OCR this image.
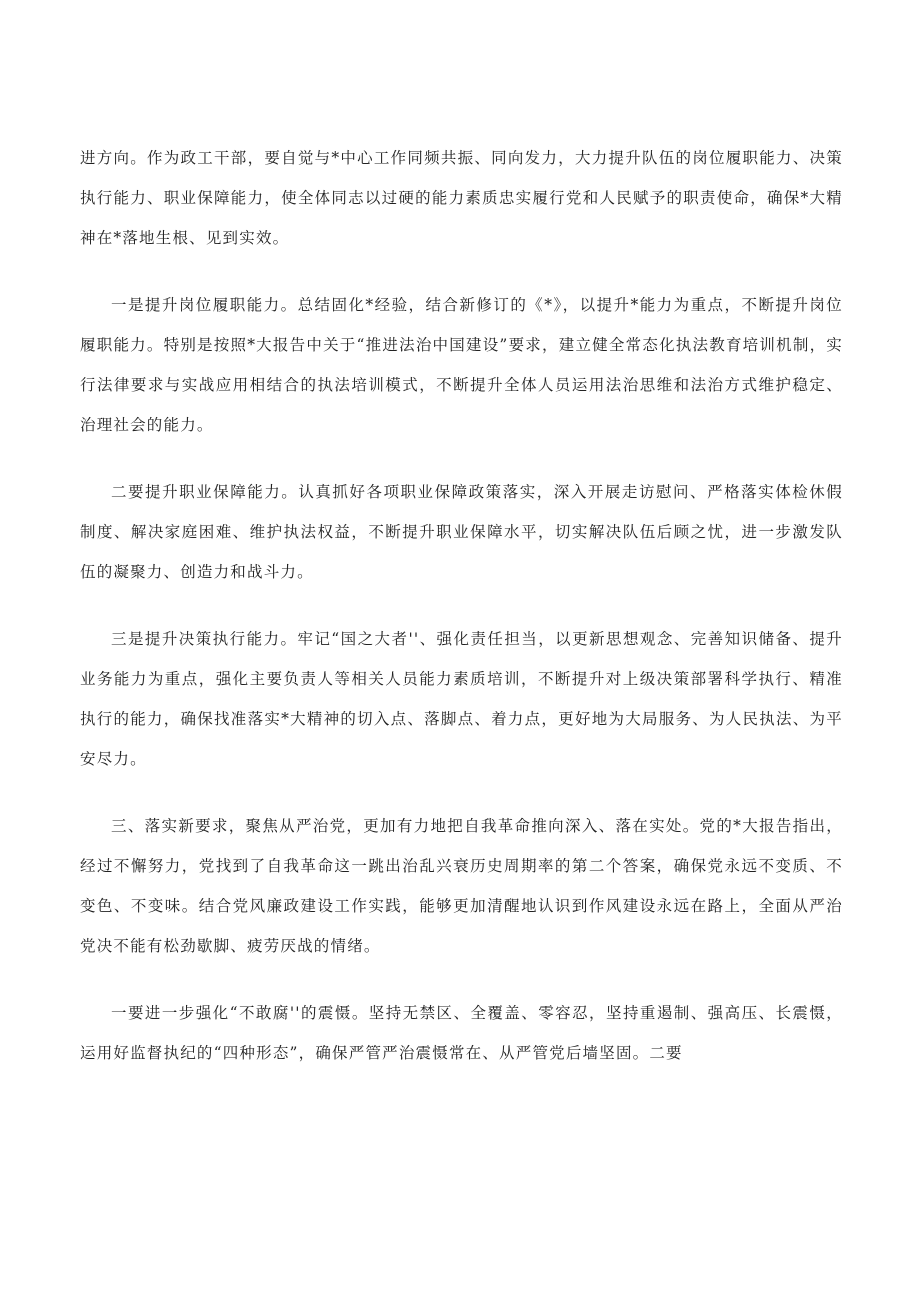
进方向。作为政工干部，要自觉与*中心工作同频共振、同向发力，大力提升队伍的岗位履职能力、决策执行能力、职业保障能力，使全体同志以过硬的能力素质忠实履行党和人民赋予的职责使命，确保*大精神在*落地生根、见到实效。

一是提升岗位履职能力。总结固化*经验，结合新修订的《*》，以提升*能力为重点，不断提升岗位履职能力。特别是按照*大报告中关于“推进法治中国建设”要求，建立健全常态化执法教育培训机制，实行法律要求与实战应用相结合的执法培训模式，不断提升全体人员运用法治思维和法治方式维护稳定、治理社会的能力。

二要提升职业保障能力。认真抓好各项职业保障政策落实，深入开展走访慰问、严格落实体检休假制度、解决家庭困难、维护执法权益，不断提升职业保障水平，切实解决队伍后顾之忧，进一步激发队伍的凝聚力、创造力和战斗力。

三是提升决策执行能力。牢记“国之大者''、强化责任担当，以更新思想观念、完善知识储备、提升业务能力为重点，强化主要负责人等相关人员能力素质培训，不断提升对上级决策部署科学执行、精准执行的能力，确保找准落实*大精神的切入点、落脚点、着力点，更好地为大局服务、为人民执法、为平安尽力。

三、落实新要求，聚焦从严治党，更加有力地把自我革命推向深入、落在实处。党的*大报告指出，经过不懈努力，党找到了自我革命这一跳出治乱兴衰历史周期率的第二个答案，确保党永远不变质、不变色、不变味。结合党风廉政建设工作实践，能够更加清醒地认识到作风建设永远在路上，全面从严治党决不能有松劲歇脚、疲劳厌战的情绪。

一要进一步强化“不敢腐''的震慑。坚持无禁区、全覆盖、零容忍，坚持重遏制、强高压、长震慑，运用好监督执纪的“四种形态”，确保严管严治震慑常在、从严管党后墙坚固。二要
